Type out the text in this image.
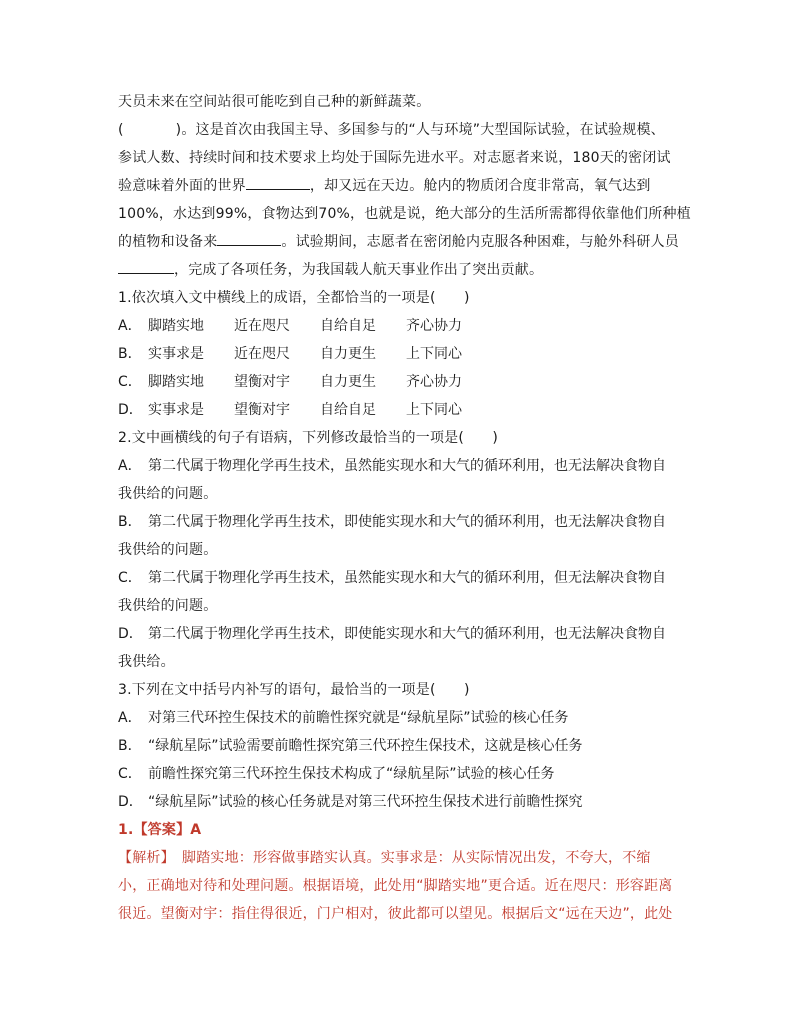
天员未来在空间站很可能吃到自己种的新鲜蔬菜。
(	)。这是首次由我国主导、多国参与的“人与环境”大型国际试验，在试验规模、
参试人数、持续时间和技术要求上均处于国际先进水平。对志愿者来说，180天的密闭试
验意味着外面的世界	，却又远在天边。舱内的物质闭合度非常高，氧气达到
100%，水达到99%，食物达到70%，也就是说，绝大部分的生活所需都得依靠他们所种植
的植物和设备来	。试验期间，志愿者在密闭舱内克服各种困难，与舱外科研人员
，完成了各项任务，为我国载人航天事业作出了突出贡献。
1.依次填入文中横线上的成语，全都恰当的一项是(　　)
A． 脚踏实地	近在咫尺	自给自足	齐心协力
B． 实事求是	近在咫尺	自力更生	上下同心
C． 脚踏实地	望衡对宇	自力更生	齐心协力
D． 实事求是	望衡对宇	自给自足	上下同心
2.文中画横线的句子有语病，下列修改最恰当的一项是(　　)
A． 第二代属于物理化学再生技术，虽然能实现水和大气的循环利用，也无法解决食物自
我供给的问题。
B． 第二代属于物理化学再生技术，即使能实现水和大气的循环利用，也无法解决食物自
我供给的问题。
C． 第二代属于物理化学再生技术，虽然能实现水和大气的循环利用，但无法解决食物自
我供给的问题。
D． 第二代属于物理化学再生技术，即使能实现水和大气的循环利用，也无法解决食物自
我供给。
3.下列在文中括号内补写的语句，最恰当的一项是(　　)
A． 对第三代环控生保技术的前瞻性探究就是“绿航星际”试验的核心任务
B． “绿航星际”试验需要前瞻性探究第三代环控生保技术，这就是核心任务
C． 前瞻性探究第三代环控生保技术构成了“绿航星际”试验的核心任务
D． “绿航星际”试验的核心任务就是对第三代环控生保技术进行前瞻性探究
1.【答案】A
【解析】　脚踏实地：形容做事踏实认真。实事求是：从实际情况出发，不夸大，不缩
小，正确地对待和处理问题。根据语境，此处用“脚踏实地”更合适。近在咫尺：形容距离
很近。望衡对宇：指住得很近，门户相对，彼此都可以望见。根据后文“远在天边”，此处
